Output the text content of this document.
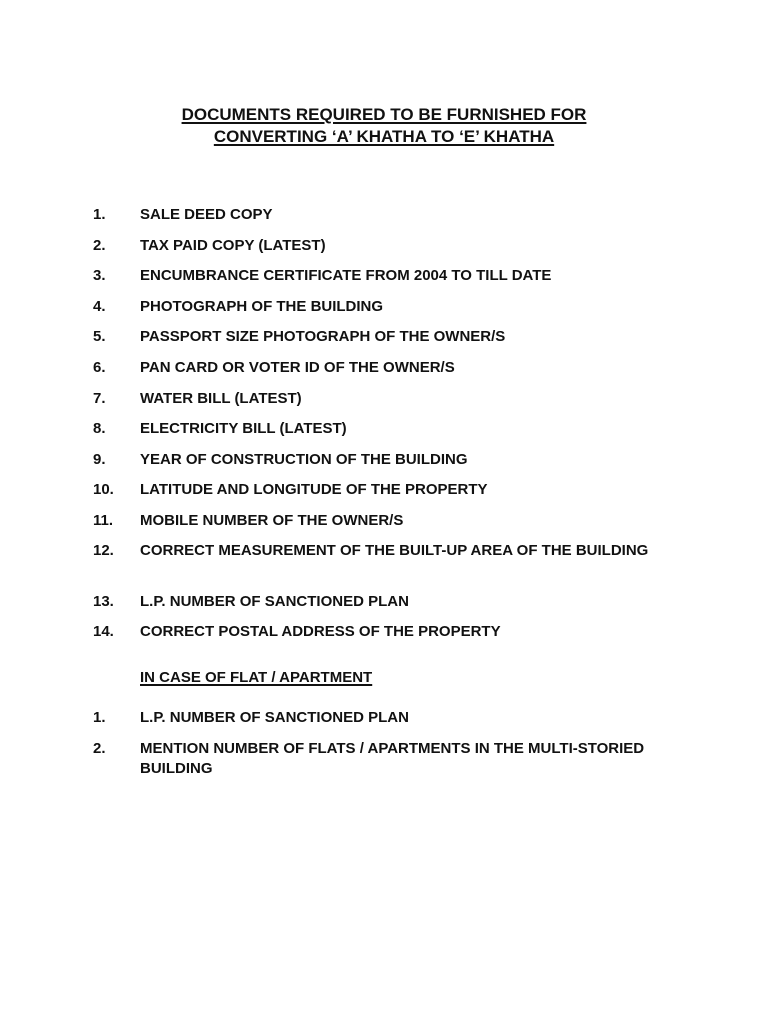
DOCUMENTS REQUIRED TO BE FURNISHED FOR
CONVERTING ‘A’ KHATHA TO ‘E’ KHATHA
1.	SALE DEED COPY
2.	TAX PAID COPY (LATEST)
3.	ENCUMBRANCE CERTIFICATE FROM 2004 TO TILL DATE
4.	PHOTOGRAPH OF THE BUILDING
5.	PASSPORT SIZE PHOTOGRAPH OF THE OWNER/S
6.	PAN CARD OR VOTER ID OF THE OWNER/S
7.	WATER BILL (LATEST)
8.	ELECTRICITY BILL (LATEST)
9.	YEAR OF CONSTRUCTION OF THE BUILDING
10.	LATITUDE AND LONGITUDE OF THE PROPERTY
11.	MOBILE NUMBER OF THE OWNER/S
12.	CORRECT MEASUREMENT OF THE BUILT-UP AREA OF THE BUILDING
13.	L.P. NUMBER OF SANCTIONED PLAN
14.	CORRECT POSTAL ADDRESS OF THE PROPERTY
IN CASE OF FLAT / APARTMENT
1.	L.P. NUMBER OF SANCTIONED PLAN
2.	MENTION NUMBER OF FLATS / APARTMENTS IN THE MULTI-STORIED BUILDING
